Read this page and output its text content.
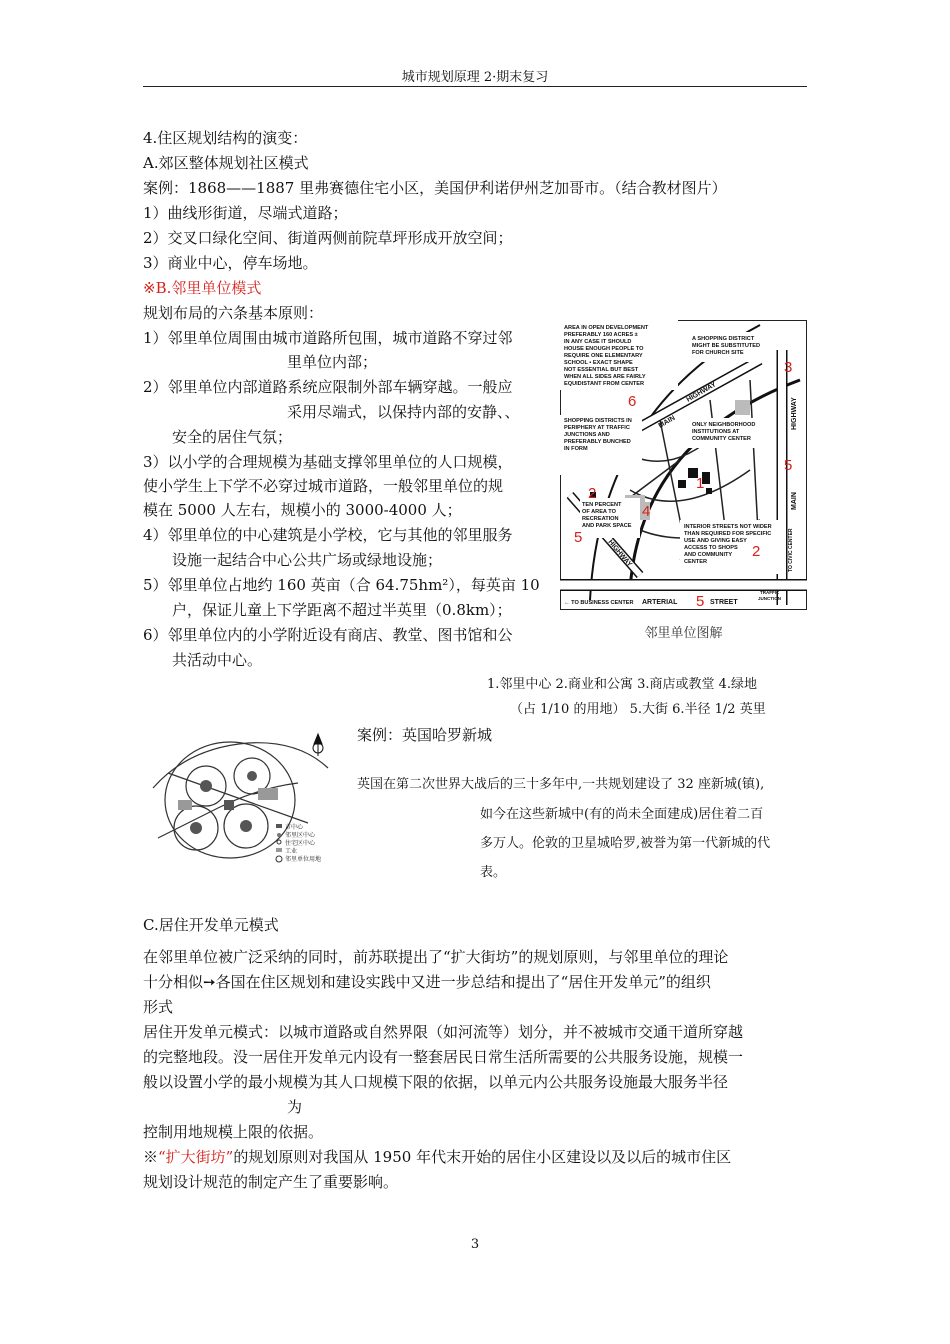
城市规划原理 2·期末复习
4.住区规划结构的演变：
A.郊区整体规划社区模式
案例：1868——1887 里弗赛德住宅小区，美国伊利诺伊州芝加哥市。（结合教材图片）
1）曲线形街道，尽端式道路；
2）交叉口绿化空间、街道两侧前院草坪形成开放空间；
3）商业中心，停车场地。
※B.邻里单位模式
规划布局的六条基本原则：
1）邻里单位周围由城市道路所包围，城市道路不穿过邻
里单位内部；
2）邻里单位内部道路系统应限制外部车辆穿越。一般应
采用尽端式，以保持内部的安静、、
安全的居住气氛；
3）以小学的合理规模为基础支撑邻里单位的人口规模，
使小学生上下学不必穿过城市道路，一般邻里单位的规
模在 5000 人左右，规模小的 3000-4000 人；
4）邻里单位的中心建筑是小学校，它与其他的邻里服务
设施一起结合中心公共广场或绿地设施；
5）邻里单位占地约 160 英亩（合 64.75hm²），每英亩 10
户，保证儿童上下学距离不超过半英里（0.8km）；
6）邻里单位内的小学附近设有商店、教堂、图书馆和公
共活动中心。
AREA IN OPEN DEVELOPMENT
PREFERABLY 160 ACRES ±
IN ANY CASE IT SHOULD
HOUSE ENOUGH PEOPLE TO
REQUIRE ONE ELEMENTARY
SCHOOL ▪ EXACT SHAPE
NOT ESSENTIAL BUT BEST
WHEN ALL SIDES ARE FAIRLY
EQUIDISTANT FROM CENTER
A SHOPPING DISTRICT
MIGHT BE SUBSTITUTED
FOR CHURCH SITE
SHOPPING DISTRICTS IN
PERIPHERY AT TRAFFIC
JUNCTIONS AND
PREFERABLY BUNCHED
IN FORM
ONLY NEIGHBORHOOD
INSTITUTIONS AT
COMMUNITY CENTER
TEN PERCENT
OF AREA TO
RECREATION
AND PARK SPACE	INTERIOR STREETS NOT WIDER
THAN REQUIRED FOR SPECIFIC
USE AND GIVING EASY
ACCESS TO SHOPS
AND COMMUNITY
CENTER
← TO BUSINESS CENTER ARTERIAL	STREET
TRAFFIC
JUNCTION
HIGHWAY
MAIN	HIGHWAY
MAIN
HIGHWAY	TO CIVIC CENTER
6
3
5
1
2
4
5
2
5
邻里单位图解
1.邻里中心 2.商业和公寓 3.商店或教堂 4.绿地
（占 1/10 的用地） 5.大街 6.半径 1/2 英里
市中心
邻里区中心
住宅区中心
工业
邻里单位用地
案例：英国哈罗新城
英国在第二次世界大战后的三十多年中,一共规划建设了 32 座新城(镇),
如今在这些新城中(有的尚未全面建成)居住着二百
多万人。伦敦的卫星城哈罗,被誉为第一代新城的代
表。
C.居住开发单元模式
在邻里单位被广泛采纳的同时，前苏联提出了“扩大街坊”的规划原则，与邻里单位的理论
十分相似➙各国在住区规划和建设实践中又进一步总结和提出了“居住开发单元”的组织
形式
居住开发单元模式：以城市道路或自然界限（如河流等）划分，并不被城市交通干道所穿越
的完整地段。没一居住开发单元内设有一整套居民日常生活所需要的公共服务设施，规模一
般以设置小学的最小规模为其人口规模下限的依据，以单元内公共服务设施最大服务半径
为
控制用地规模上限的依据。
※“扩大街坊”的规划原则对我国从 1950 年代末开始的居住小区建设以及以后的城市住区
规划设计规范的制定产生了重要影响。
3
